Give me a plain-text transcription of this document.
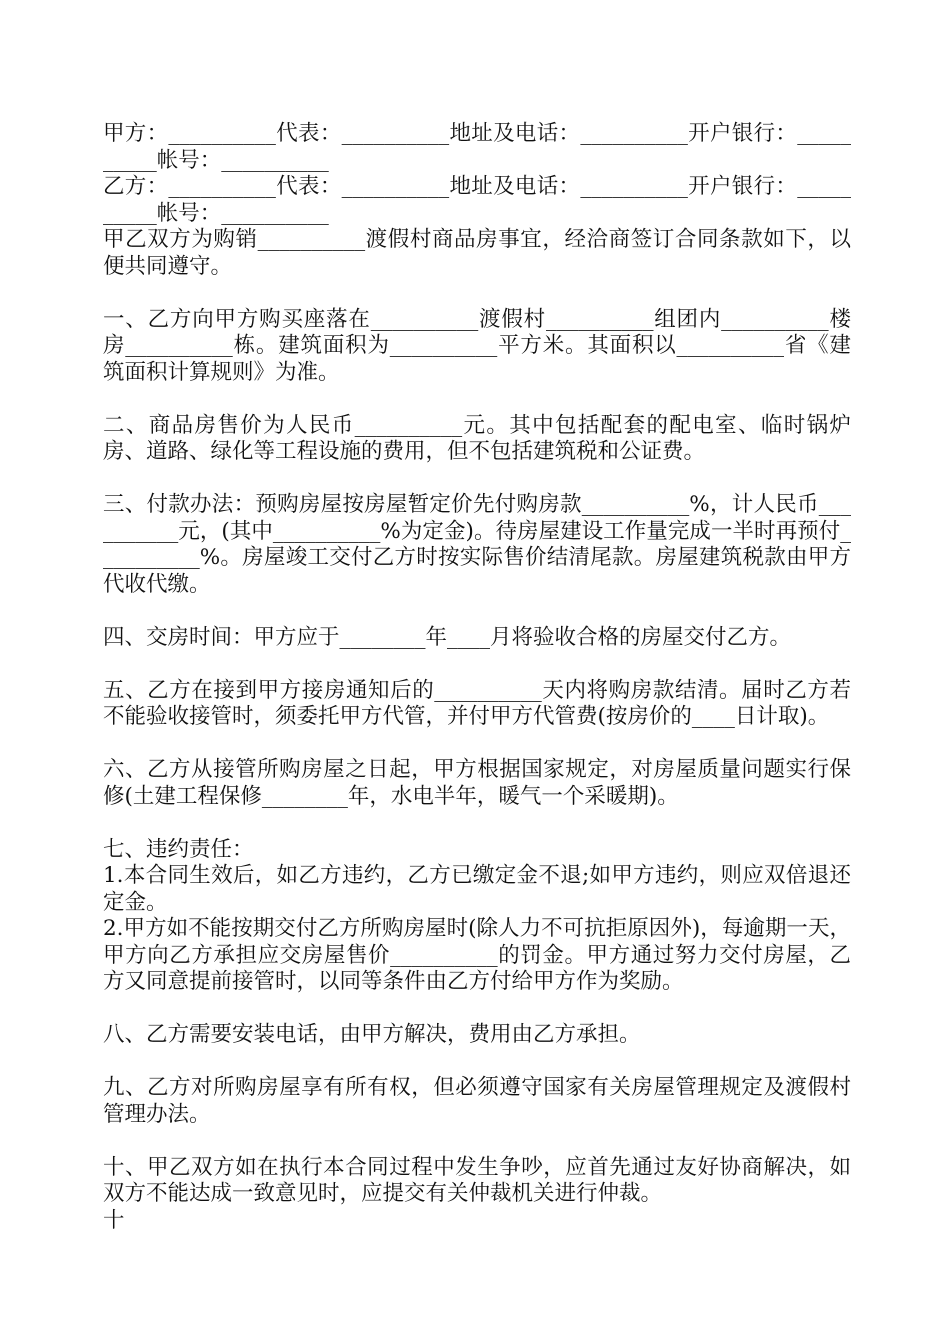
甲方：__________代表：__________地址及电话：__________开户银行：__________帐号：__________

乙方：__________代表：__________地址及电话：__________开户银行：__________帐号：__________

甲乙双方为购销__________渡假村商品房事宜，经洽商签订合同条款如下，以便共同遵守。

一、乙方向甲方购买座落在__________渡假村__________组团内__________楼房__________栋。建筑面积为__________平方米。其面积以__________省《建筑面积计算规则》为准。

二、商品房售价为人民币__________元。其中包括配套的配电室、临时锅炉房、道路、绿化等工程设施的费用，但不包括建筑税和公证费。

三、付款办法：预购房屋按房屋暂定价先付购房款__________%，计人民币__________元，(其中__________%为定金)。待房屋建设工作量完成一半时再预付__________%。房屋竣工交付乙方时按实际售价结清尾款。房屋建筑税款由甲方代收代缴。

四、交房时间：甲方应于________年____月将验收合格的房屋交付乙方。

五、乙方在接到甲方接房通知后的__________天内将购房款结清。届时乙方若不能验收接管时，须委托甲方代管，并付甲方代管费(按房价的____日计取)。

六、乙方从接管所购房屋之日起，甲方根据国家规定，对房屋质量问题实行保修(土建工程保修________年，水电半年，暖气一个采暖期)。

七、违约责任：

1.本合同生效后，如乙方违约，乙方已缴定金不退;如甲方违约，则应双倍退还定金。

2.甲方如不能按期交付乙方所购房屋时(除人力不可抗拒原因外)，每逾期一天，甲方向乙方承担应交房屋售价__________的罚金。甲方通过努力交付房屋，乙方又同意提前接管时，以同等条件由乙方付给甲方作为奖励。

八、乙方需要安装电话，由甲方解决，费用由乙方承担。

九、乙方对所购房屋享有所有权，但必须遵守国家有关房屋管理规定及渡假村管理办法。

十、甲乙双方如在执行本合同过程中发生争吵，应首先通过友好协商解决，如双方不能达成一致意见时，应提交有关仲裁机关进行仲裁。

十
